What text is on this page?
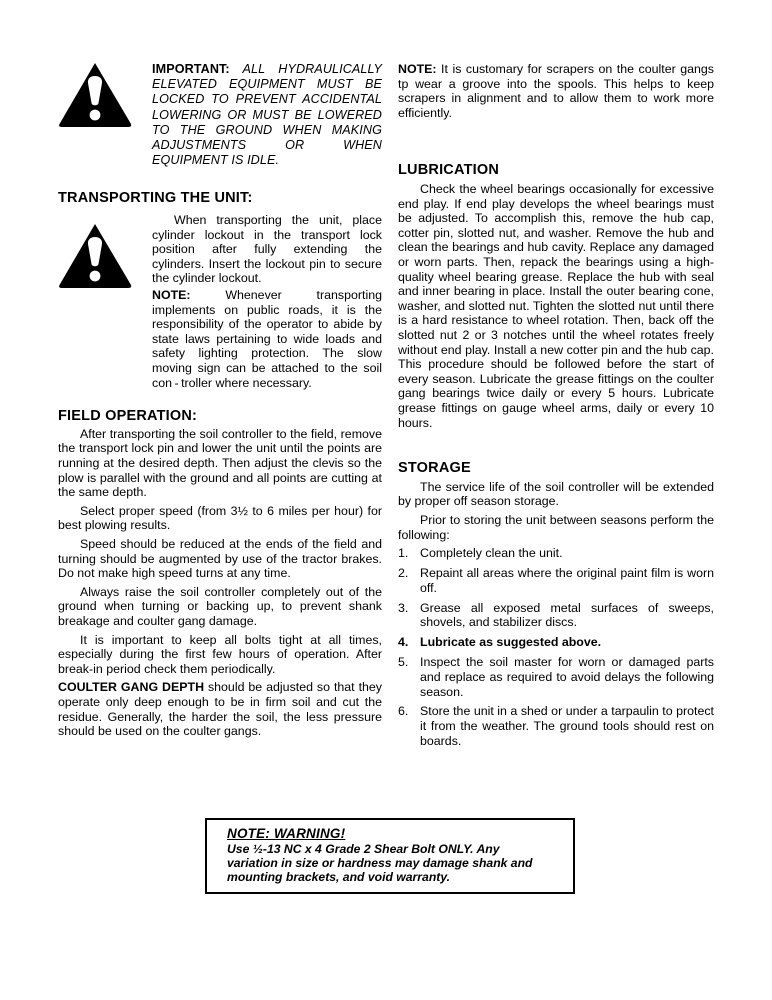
IMPORTANT: ALL HYDRAULICALLY ELEVATED EQUIPMENT MUST BE LOCKED TO PREVENT ACCIDENTAL LOWERING OR MUST BE LOWERED TO THE GROUND WHEN MAKING ADJUSTMENTS OR WHEN EQUIPMENT IS IDLE.

TRANSPORTING THE UNIT:

When transporting the unit, place cylinder lockout in the transport lock position after fully extending the cylinders. Insert the lockout pin to secure the cylinder lockout.

NOTE: Whenever transporting implements on public roads, it is the responsibility of the operator to abide by state laws pertaining to wide loads and safety lighting protection. The slow moving sign can be attached to the soil con - troller where necessary.

FIELD OPERATION:

After transporting the soil controller to the field, remove the transport lock pin and lower the unit until the points are running at the desired depth. Then adjust the clevis so the plow is parallel with the ground and all points are cutting at the same depth.

Select proper speed (from 3½ to 6 miles per hour) for best plowing results.

Speed should be reduced at the ends of the field and turning should be augmented by use of the tractor brakes. Do not make high speed turns at any time.

Always raise the soil controller completely out of the ground when turning or backing up, to prevent shank breakage and coulter gang damage.

It is important to keep all bolts tight at all times, especially during the first few hours of operation. After break-in period check them periodically.

COULTER GANG DEPTH should be adjusted so that they operate only deep enough to be in firm soil and cut the residue. Generally, the harder the soil, the less pressure should be used on the coulter gangs.

NOTE: It is customary for scrapers on the coulter gangs tp wear a groove into the spools. This helps to keep scrapers in alignment and to allow them to work more efficiently.

LUBRICATION

Check the wheel bearings occasionally for excessive end play. If end play develops the wheel bearings must be adjusted. To accomplish this, remove the hub cap, cotter pin, slotted nut, and washer. Remove the hub and clean the bearings and hub cavity. Replace any damaged or worn parts. Then, repack the bearings using a high-quality wheel bearing grease. Replace the hub with seal and inner bearing in place. Install the outer bearing cone, washer, and slotted nut. Tighten the slotted nut until there is a hard resistance to wheel rotation. Then, back off the slotted nut 2 or 3 notches until the wheel rotates freely without end play. Install a new cotter pin and the hub cap. This procedure should be followed before the start of every season. Lubricate the grease fittings on the coulter gang bearings twice daily or every 5 hours. Lubricate grease fittings on gauge wheel arms, daily or every 10 hours.

STORAGE

The service life of the soil controller will be extended by proper off season storage.

Prior to storing the unit between seasons perform the following:

Completely clean the unit.
Repaint all areas where the original paint film is worn off.
Grease all exposed metal surfaces of sweeps, shovels, and stabilizer discs.
Lubricate as suggested above.
Inspect the soil master for worn or damaged parts and replace as required to avoid delays the following season.
Store the unit in a shed or under a tarpaulin to protect it from the weather. The ground tools should rest on boards.
NOTE: WARNING!

Use ½-13 NC x 4 Grade 2 Shear Bolt ONLY. Any

variation in size or hardness may damage shank and

mounting brackets, and void warranty.
